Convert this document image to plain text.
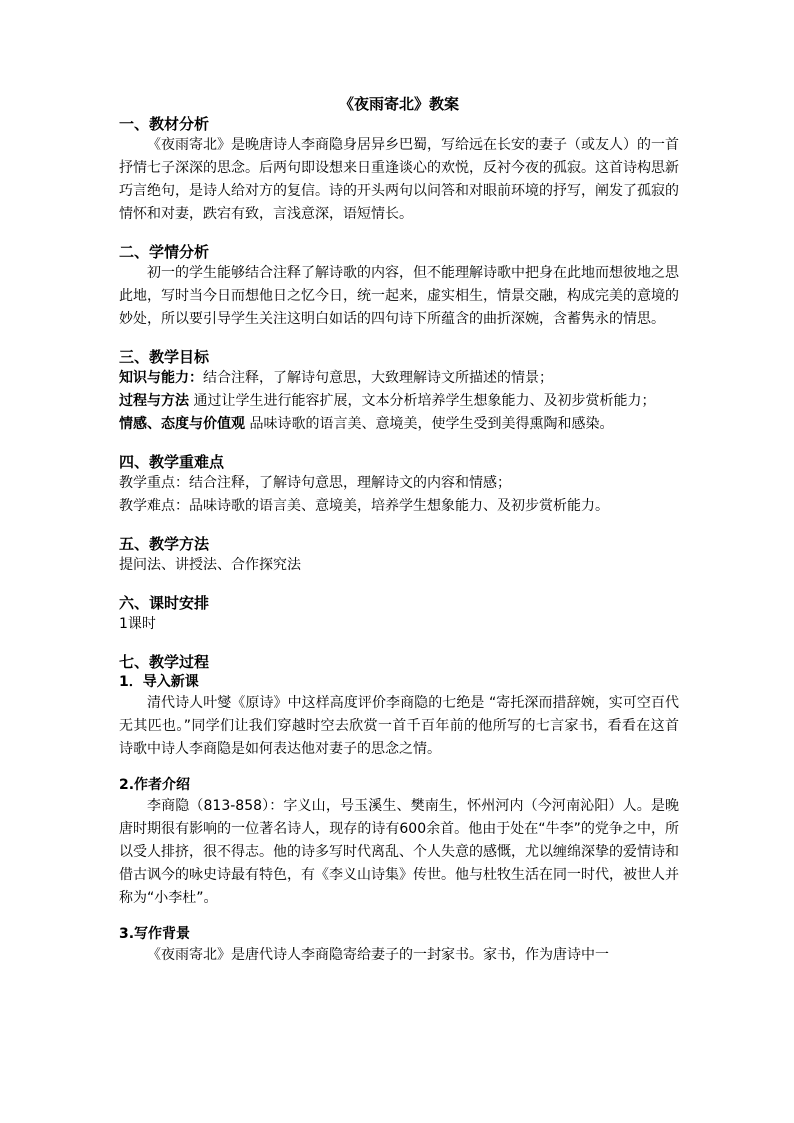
《夜雨寄北》教案

一、教材分析

《夜雨寄北》是晚唐诗人李商隐身居异乡巴蜀，写给远在长安的妻子（或友人）的一首抒情七子深深的思念。后两句即设想来日重逢谈心的欢悦，反衬今夜的孤寂。这首诗构思新巧言绝句，是诗人给对方的复信。诗的开头两句以问答和对眼前环境的抒写，阐发了孤寂的情怀和对妻，跌宕有致，言浅意深，语短情长。

二、学情分析

初一的学生能够结合注释了解诗歌的内容，但不能理解诗歌中把身在此地而想彼地之思此地，写时当今日而想他日之忆今日，统一起来，虚实相生，情景交融，构成完美的意境的妙处，所以要引导学生关注这明白如话的四句诗下所蕴含的曲折深婉，含蓄隽永的情思。

三、教学目标

知识与能力：结合注释，了解诗句意思，大致理解诗文所描述的情景；

过程与方法 通过让学生进行能容扩展，文本分析培养学生想象能力、及初步赏析能力；

情感、态度与价值观 品味诗歌的语言美、意境美，使学生受到美得熏陶和感染。

四、教学重难点

教学重点：结合注释，了解诗句意思，理解诗文的内容和情感；

教学难点：品味诗歌的语言美、意境美，培养学生想象能力、及初步赏析能力。

五、教学方法

提问法、讲授法、合作探究法

六、课时安排

1课时

七、教学过程

1．导入新课

清代诗人叶燮《原诗》中这样高度评价李商隐的七绝是 “寄托深而措辞婉，实可空百代无其匹也。”同学们让我们穿越时空去欣赏一首千百年前的他所写的七言家书，看看在这首诗歌中诗人李商隐是如何表达他对妻子的思念之情。

2.作者介绍

李商隐（813-858）：字义山，号玉溪生、樊南生，怀州河内（今河南沁阳）人。是晚唐时期很有影响的一位著名诗人，现存的诗有600余首。他由于处在“牛李”的党争之中，所以受人排挤，很不得志。他的诗多写时代离乱、个人失意的感慨，尤以缠绵深挚的爱情诗和借古讽今的咏史诗最有特色，有《李义山诗集》传世。他与杜牧生活在同一时代，被世人并称为“小李杜”。

3.写作背景

《夜雨寄北》是唐代诗人李商隐寄给妻子的一封家书。家书，作为唐诗中一
